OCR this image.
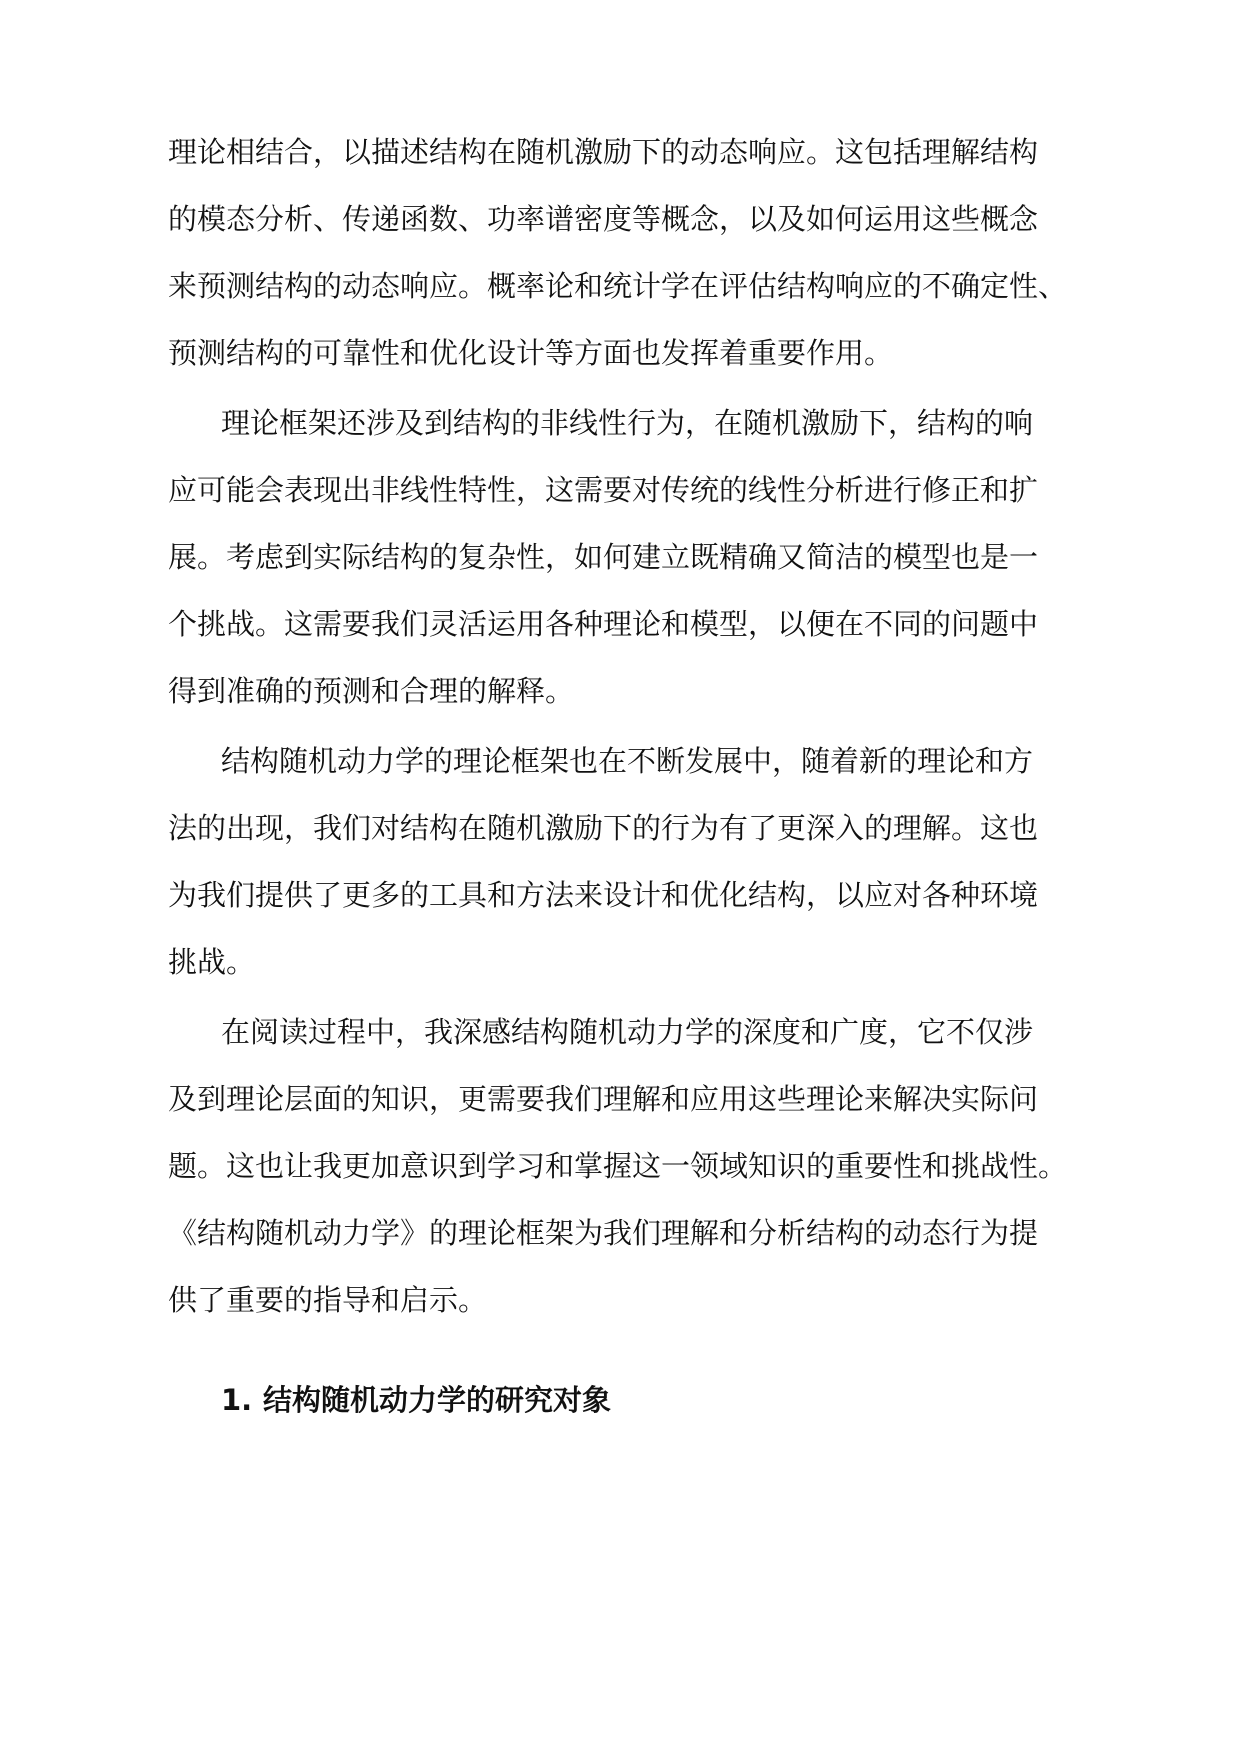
理论相结合，以描述结构在随机激励下的动态响应。这包括理解结构
的模态分析、传递函数、功率谱密度等概念，以及如何运用这些概念
来预测结构的动态响应。概率论和统计学在评估结构响应的不确定性、
预测结构的可靠性和优化设计等方面也发挥着重要作用。
理论框架还涉及到结构的非线性行为，在随机激励下，结构的响
应可能会表现出非线性特性，这需要对传统的线性分析进行修正和扩
展。考虑到实际结构的复杂性，如何建立既精确又简洁的模型也是一
个挑战。这需要我们灵活运用各种理论和模型，以便在不同的问题中
得到准确的预测和合理的解释。
结构随机动力学的理论框架也在不断发展中，随着新的理论和方
法的出现，我们对结构在随机激励下的行为有了更深入的理解。这也
为我们提供了更多的工具和方法来设计和优化结构，以应对各种环境
挑战。
在阅读过程中，我深感结构随机动力学的深度和广度，它不仅涉
及到理论层面的知识，更需要我们理解和应用这些理论来解决实际问
题。这也让我更加意识到学习和掌握这一领域知识的重要性和挑战性。
《结构随机动力学》的理论框架为我们理解和分析结构的动态行为提
供了重要的指导和启示。
1. 结构随机动力学的研究对象
